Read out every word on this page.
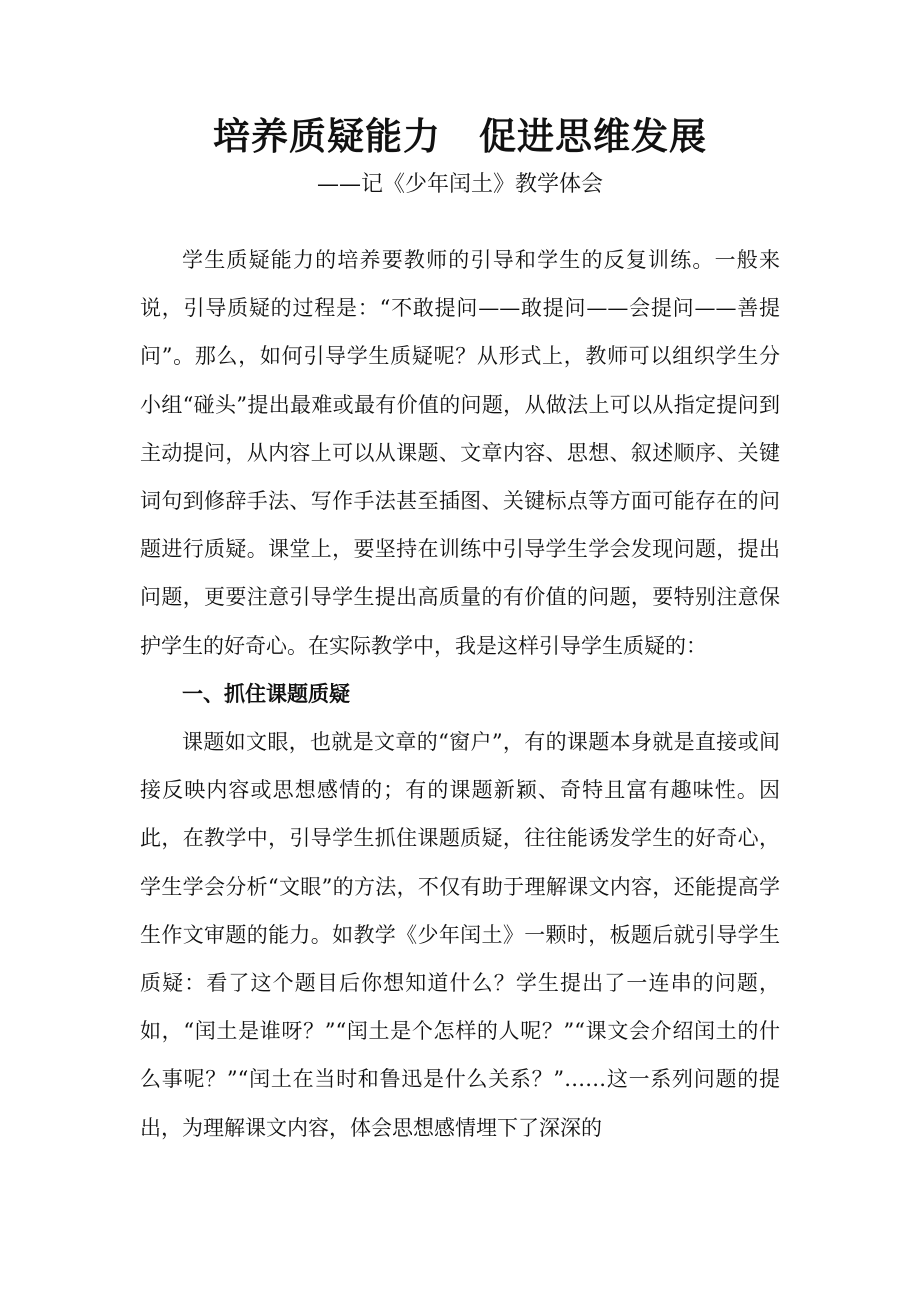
培养质疑能力　促进思维发展
——记《少年闰土》教学体会

学生质疑能力的培养要教师的引导和学生的反复训练。一般来说，引导质疑的过程是：“不敢提问——敢提问——会提问——善提问”。那么，如何引导学生质疑呢？从形式上，教师可以组织学生分小组“碰头”提出最难或最有价值的问题，从做法上可以从指定提问到主动提问，从内容上可以从课题、文章内容、思想、叙述顺序、关键词句到修辞手法、写作手法甚至插图、关键标点等方面可能存在的问题进行质疑。课堂上，要坚持在训练中引导学生学会发现问题，提出问题，更要注意引导学生提出高质量的有价值的问题，要特别注意保护学生的好奇心。在实际教学中，我是这样引导学生质疑的：

一、抓住课题质疑

课题如文眼，也就是文章的“窗户”，有的课题本身就是直接或间接反映内容或思想感情的；有的课题新颖、奇特且富有趣味性。因此，在教学中，引导学生抓住课题质疑，往往能诱发学生的好奇心，学生学会分析“文眼”的方法，不仅有助于理解课文内容，还能提高学生作文审题的能力。如教学《少年闰土》一颗时，板题后就引导学生质疑：看了这个题目后你想知道什么？学生提出了一连串的问题，如，“闰土是谁呀？”“闰土是个怎样的人呢？”“课文会介绍闰土的什么事呢？”“闰土在当时和鲁迅是什么关系？”……这一系列问题的提出，为理解课文内容，体会思想感情埋下了深深的
